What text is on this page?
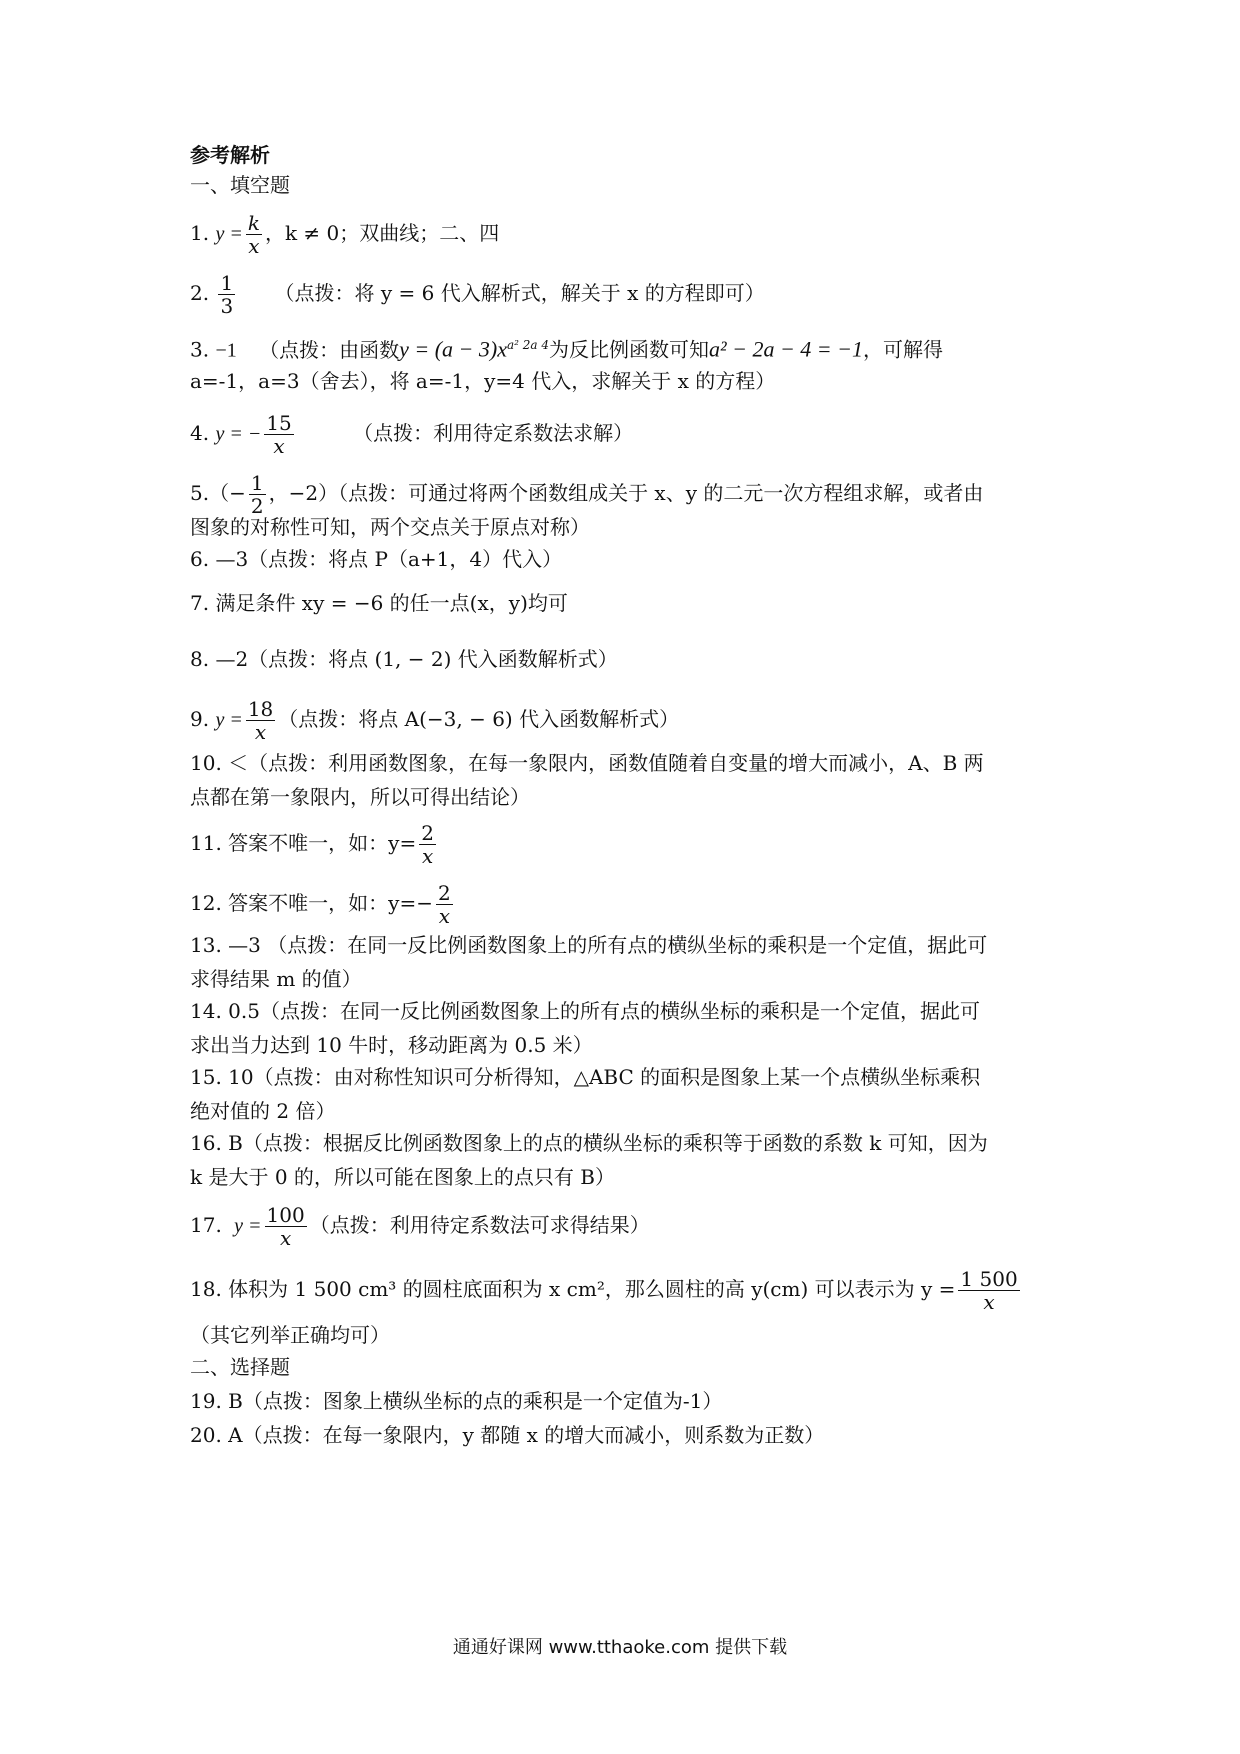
参考解析
一、填空题
1. $y = \frac{k}{x}$ ，k ≠ 0；双曲线；二、四
2. $\frac{1}{3}$ （点拨：将 y = 6 代入解析式，解关于 x 的方程即可）
3. −1 （点拨：由函数$y = (a - 3)x^{a^2 2a 4}$为反比例函数可知a² − 2a − 4 = −1，可解得
a=-1，a=3（舍去），将 a=-1，y=4 代入，求解关于 x 的方程）
4. y = − $\frac{15}{x}$	（点拨：利用待定系数法求解）
$5.(- \frac{1}{2}$ ，−2）（点拨：可通过将两个函数组成关于 x、y 的二元一次方程组求解，或者由
图象的对称性可知，两个交点关于原点对称）
6. —3（点拨：将点 P（a+1，4）代入）
7. 满足条件 xy = −6 的任一点(x，y)均可
8. —2（点拨：将点 (1, − 2) 代入函数解析式）
9. $y = \frac{18}{x}$ （点拨：将点 A(−3, − 6) 代入函数解析式）
10. ＜（点拨：利用函数图象，在每一象限内，函数值随着自变量的增大而减小，A、B 两
点都在第一象限内，所以可得出结论）
11. 答案不唯一，如：$y= \frac{2}{x}$
12. 答案不唯一，如：$y=- \frac{2}{x}$
13. —3 （点拨：在同一反比例函数图象上的所有点的横纵坐标的乘积是一个定值，据此可
求得结果 m 的值）
14. 0.5（点拨：在同一反比例函数图象上的所有点的横纵坐标的乘积是一个定值，据此可
求出当力达到 10 牛时，移动距离为 0.5 米）
15. 10（点拨：由对称性知识可分析得知，△ABC 的面积是图象上某一个点横纵坐标乘积
绝对值的 2 倍）
16. B（点拨：根据反比例函数图象上的点的横纵坐标的乘积等于函数的系数 k 可知，因为
k 是大于 0 的，所以可能在图象上的点只有 B）
17. $y = \frac{100}{x}$ （点拨：利用待定系数法可求得结果）
18. 体积为 1 500 cm³ 的圆柱底面积为 x cm²，那么圆柱的高 y(cm) 可以表示为 $y = \frac{1 500}{x}$
（其它列举正确均可）
二、选择题
19. B（点拨：图象上横纵坐标的点的乘积是一个定值为-1）
20. A（点拨：在每一象限内，y 都随 x 的增大而减小，则系数为正数）
通通好课网 www.tthaoke.com 提供下载
